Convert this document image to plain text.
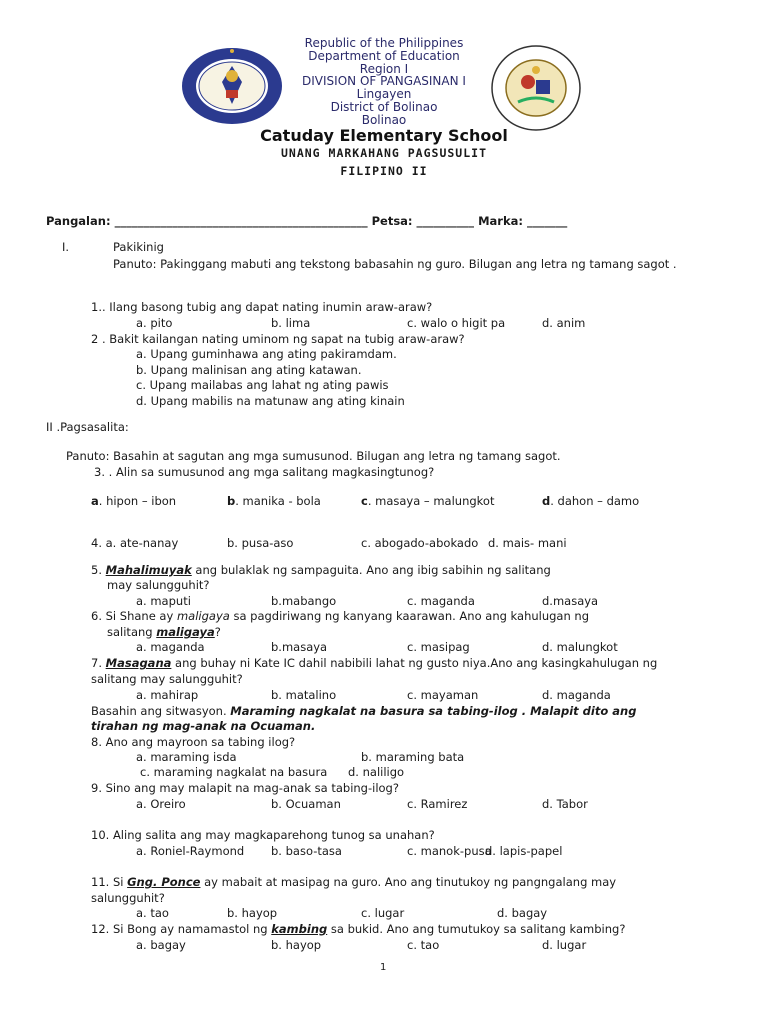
Republic of the Philippines
Department of Education
Region I
DIVISION OF PANGASINAN I
Lingayen
District of Bolinao
Bolinao
Catuday Elementary School
UNANG MARKAHANG PAGSUSULIT
FILIPINO II
Pangalan: ____________________________________________ Petsa: __________ Marka: _______
I.	Pakikinig
Panuto: Pakinggang mabuti ang tekstong babasahin ng guro. Bilugan ang letra ng tamang sagot .
1.. Ilang basong tubig ang dapat nating inumin araw-araw?
a. pito	b. lima	c. walo o higit pa	d. anim
2 . Bakit kailangan nating uminom ng sapat na tubig araw-araw?
a. Upang guminhawa ang ating pakiramdam.
b. Upang malinisan ang ating katawan.
c. Upang mailabas ang lahat ng ating pawis
d. Upang mabilis na matunaw ang ating kinain
II .Pagsasalita:
Panuto: Basahin at sagutan ang mga sumusunod. Bilugan ang letra ng tamang sagot.
3. . Alin sa sumusunod ang mga salitang magkasingtunog?
a. hipon – ibon	b. manika - bola	c. masaya – malungkot	d. dahon – damo
4. a. ate-nanay	b. pusa-aso	c. abogado-abokado d. mais- mani
5. Mahalimuyak ang bulaklak ng sampaguita. Ano ang ibig sabihin ng salitang
may salungguhit?
a. maputi	b.mabango	c. maganda	d.masaya
6. Si Shane ay maligaya sa pagdiriwang ng kanyang kaarawan. Ano ang kahulugan ng
salitang maligaya?
a. maganda	b.masaya	c. masipag	d. malungkot
7. Masagana ang buhay ni Kate IC dahil nabibili lahat ng gusto niya.Ano ang kasingkahulugan ng
salitang may salungguhit?
a. mahirap	b. matalino	c. mayaman	d. maganda
Basahin ang sitwasyon. Maraming nagkalat na basura sa tabing-ilog . Malapit dito ang
tirahan ng mag-anak na Ocuaman.
8. Ano ang mayroon sa tabing ilog?
a. maraming isda	b. maraming bata
c. maraming nagkalat na basura d. naliligo
9. Sino ang may malapit na mag-anak sa tabing-ilog?
a. Oreiro	b. Ocuaman	c. Ramirez	d. Tabor
10. Aling salita ang may magkaparehong tunog sa unahan?
a. Roniel-Raymond b. baso-tasa	c. manok-pusa
d. lapis-papel
11. Si Gng. Ponce ay mabait at masipag na guro. Ano ang tinutukoy ng pangngalang may
salungguhit?
a. tao	b. hayop	c. lugar	d. bagay
12. Si Bong ay namamastol ng kambing sa bukid. Ano ang tumutukoy sa salitang kambing?
a. bagay	b. hayop	c. tao	d. lugar
1
